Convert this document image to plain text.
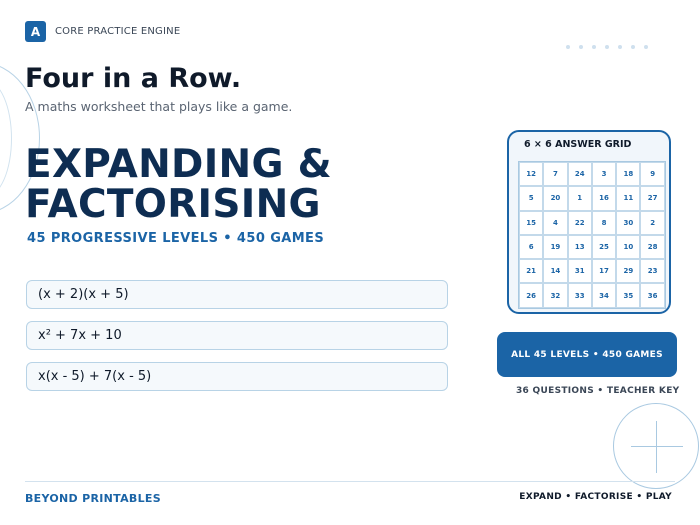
A	CORE PRACTICE ENGINE
Four in a Row.
A maths worksheet that plays like a game.
EXPANDING &
FACTORISING
45 PROGRESSIVE LEVELS • 450 GAMES
(x + 2)(x + 5)
x² + 7x + 10
x(x - 5) + 7(x - 5)
6 × 6 ANSWER GRID
12	7	24	3	18	9
5	20	1	16	11	27
15	4	22	8	30	2
6	19	13	25	10	28
21	14	31	17	29	23
26	32	33	34	35	36
ALL 45 LEVELS • 450 GAMES
36 QUESTIONS • TEACHER KEY
BEYOND PRINTABLES	EXPAND • FACTORISE • PLAY
